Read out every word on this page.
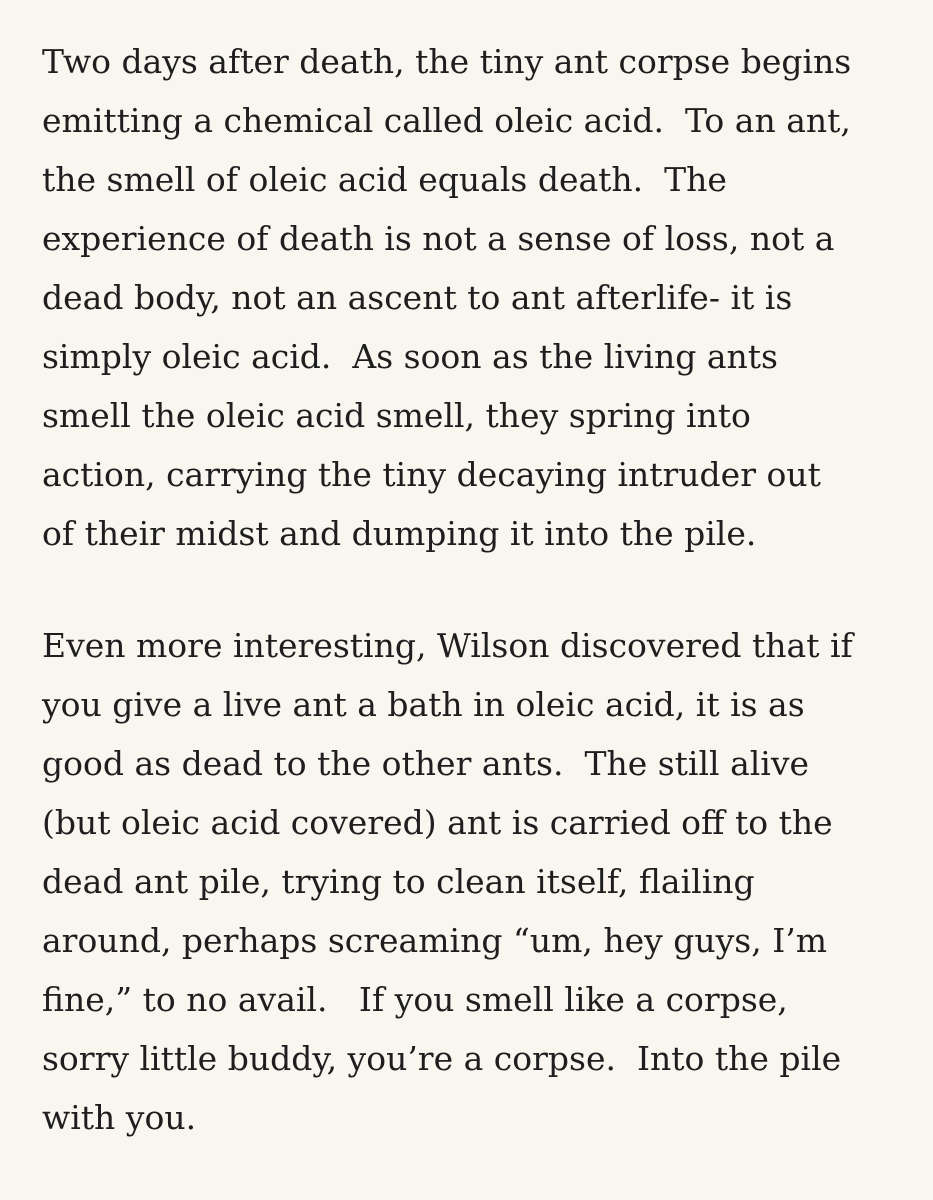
Two days after death, the tiny ant corpse begins

emitting a chemical called oleic acid.  To an ant,

the smell of oleic acid equals death.  The

experience of death is not a sense of loss, not a

dead body, not an ascent to ant afterlife- it is

simply oleic acid.  As soon as the living ants

smell the oleic acid smell, they spring into

action, carrying the tiny decaying intruder out

of their midst and dumping it into the pile.

Even more interesting, Wilson discovered that if

you give a live ant a bath in oleic acid, it is as

good as dead to the other ants.  The still alive

(but oleic acid covered) ant is carried off to the

dead ant pile, trying to clean itself, flailing

around, perhaps screaming “um, hey guys, I’m

fine,” to no avail.   If you smell like a corpse,

sorry little buddy, you’re a corpse.  Into the pile

with you.
